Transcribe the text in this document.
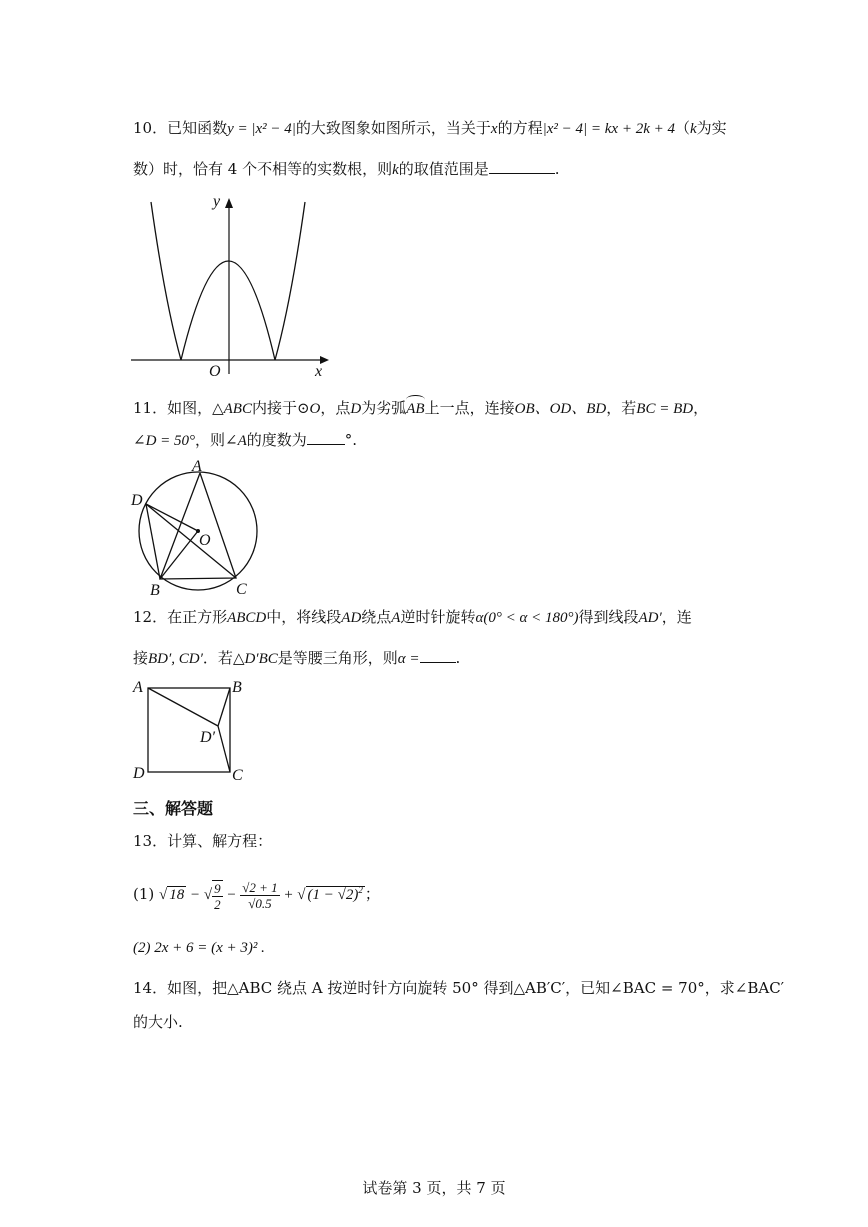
10．已知函数y = |x² − 4|的大致图象如图所示，当关于x的方程|x² − 4| = kx + 2k + 4（k为实
数）时，恰有 4 个不相等的实数根，则k的取值范围是	.
y
x
O
11．如图，△ABC内接于⊙O，点D为劣弧
AB上一点，连接OB、OD、BD，若BC = BD，
∠D = 50°，则∠A的度数为	°.
A
B	C
D
O
12．在正方形ABCD中，将线段AD绕点A逆时针旋转α(0° < α < 180°)得到线段AD′，连
接BD′, CD′．若△D′BC是等腰三角形，则α = .
A	B
C
D
D′
三、解答题
13．计算、解方程：
(1) √ 18 − √ $\frac{9}{2} - \frac{√2 + 1}{√0.5}$ + √ $(1 - √2)^2$ ；
(2) 2x + 6 = (x + 3)² .
14．如图，把△ABC 绕点 A 按逆时针方向旋转 50° 得到△AB′C′，已知∠BAC = 70°，求∠BAC′
的大小.
试卷第 3 页，共 7 页
